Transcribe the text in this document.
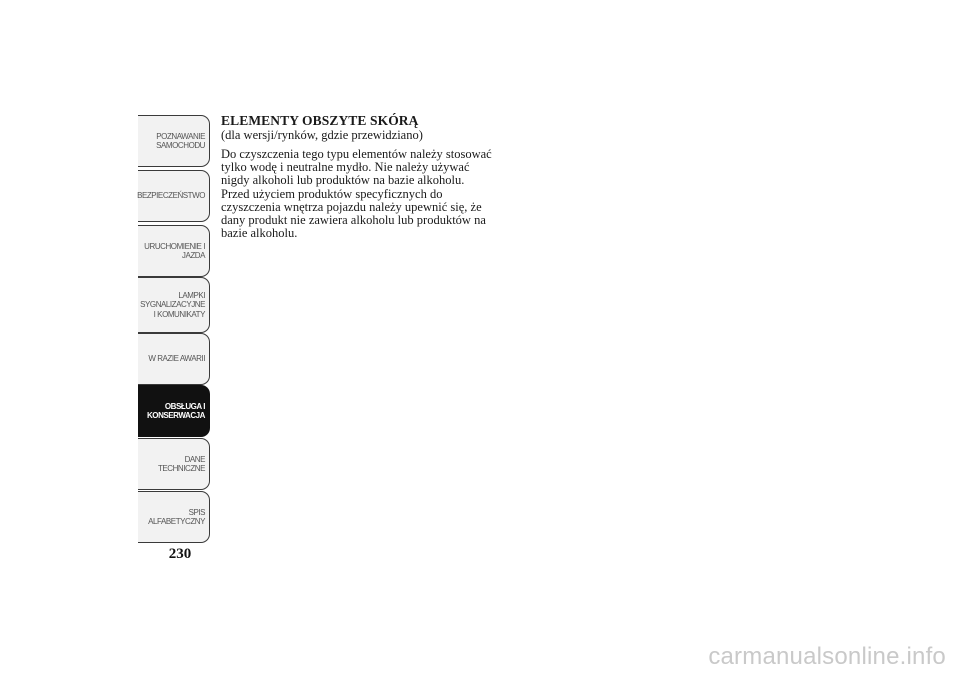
POZNAWANIE
SAMOCHODU
BEZPIECZEŃSTWO
URUCHOMIENIE I
JAZDA
LAMPKI
SYGNALIZACYJNE
I KOMUNIKATY
W RAZIE AWARII
OBSŁUGA I
KONSERWACJA
DANE
TECHNICZNE
SPIS
ALFABETYCZNY
230
ELEMENTY OBSZYTE SKÓRĄ

(dla wersji/rynków, gdzie przewidziano)

Do czyszczenia tego typu elementów należy stosować
tylko wodę i neutralne mydło. Nie należy używać
nigdy alkoholi lub produktów na bazie alkoholu.
Przed użyciem produktów specyficznych do
czyszczenia wnętrza pojazdu należy upewnić się, że
dany produkt nie zawiera alkoholu lub produktów na
bazie alkoholu.

carmanualsonline.info
